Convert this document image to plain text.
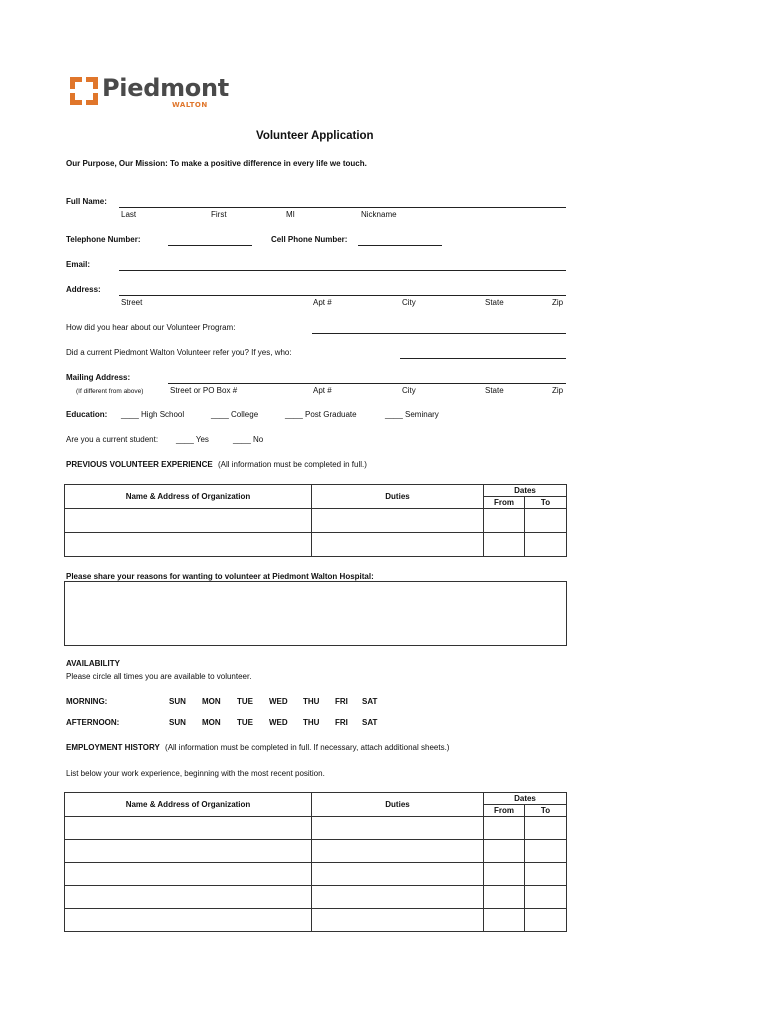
Piedmont
WALTON
Volunteer Application
Our Purpose, Our Mission: To make a positive difference in every life we touch.
Full Name:
Last	First	MI	Nickname
Telephone Number:	Cell Phone Number:
Email:
Address:
Street	Apt #	City	State	Zip
How did you hear about our Volunteer Program:
Did a current Piedmont Walton Volunteer refer you? If yes, who:
Mailing Address:
(If different from above)	Street or PO Box #	Apt #	City	State	Zip
Education: ____ High School	____ College	____ Post Graduate	____ Seminary
Are you a current student: ____ Yes	____ No
PREVIOUS VOLUNTEER EXPERIENCE (All information must be completed in full.)
Name & Address of Organization	Duties	Dates	
		From	To

Please share your reasons for wanting to volunteer at Piedmont Walton Hospital:
AVAILABILITY
Please circle all times you are available to volunteer.
MORNING:	SUN MON TUE WED THU FRI SAT
AFTERNOON:	SUN MON TUE WED THU FRI SAT
EMPLOYMENT HISTORY (All information must be completed in full. If necessary, attach additional sheets.)
List below your work experience, beginning with the most recent position.
Name & Address of Organization	Duties	Dates	
		From	To
